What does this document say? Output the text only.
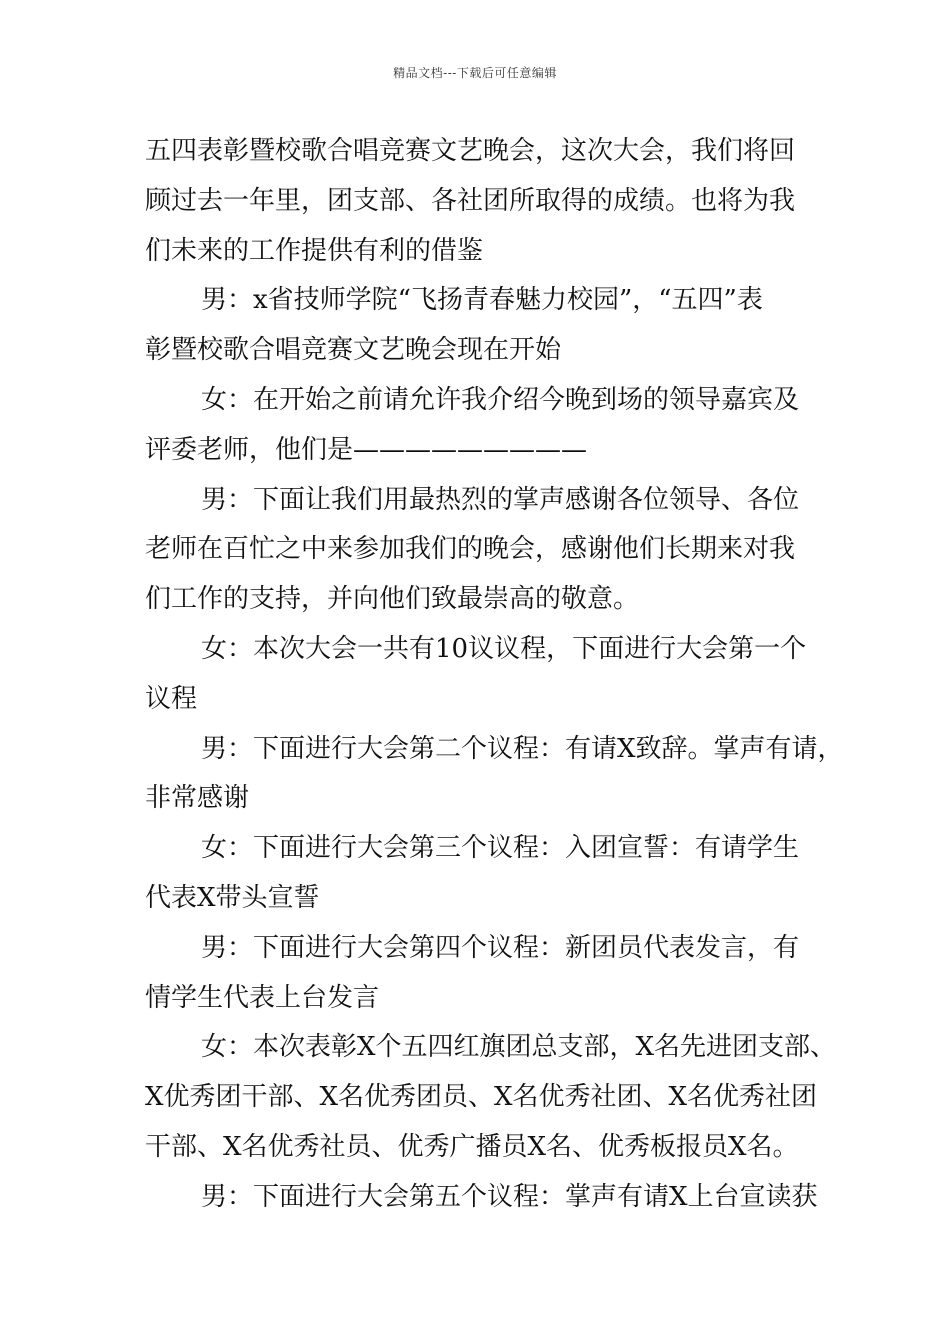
精品文档---下载后可任意编辑
五四表彰暨校歌合唱竞赛文艺晚会，这次大会，我们将回
顾过去一年里，团支部、各社团所取得的成绩。也将为我
们未来的工作提供有利的借鉴
男：x省技师学院“飞扬青春魅力校园”，“五四”表
彰暨校歌合唱竞赛文艺晚会现在开始
女：在开始之前请允许我介绍今晚到场的领导嘉宾及
评委老师，他们是—————————
男：下面让我们用最热烈的掌声感谢各位领导、各位
老师在百忙之中来参加我们的晚会，感谢他们长期来对我
们工作的支持，并向他们致最崇高的敬意。
女：本次大会一共有10议议程，下面进行大会第一个
议程
男：下面进行大会第二个议程：有请X致辞。掌声有请，
非常感谢
女：下面进行大会第三个议程：入团宣誓：有请学生
代表X带头宣誓
男：下面进行大会第四个议程：新团员代表发言，有
情学生代表上台发言
女：本次表彰X个五四红旗团总支部，X名先进团支部、
X优秀团干部、X名优秀团员、X名优秀社团、X名优秀社团
干部、X名优秀社员、优秀广播员X名、优秀板报员X名。
男：下面进行大会第五个议程：掌声有请X上台宣读获
